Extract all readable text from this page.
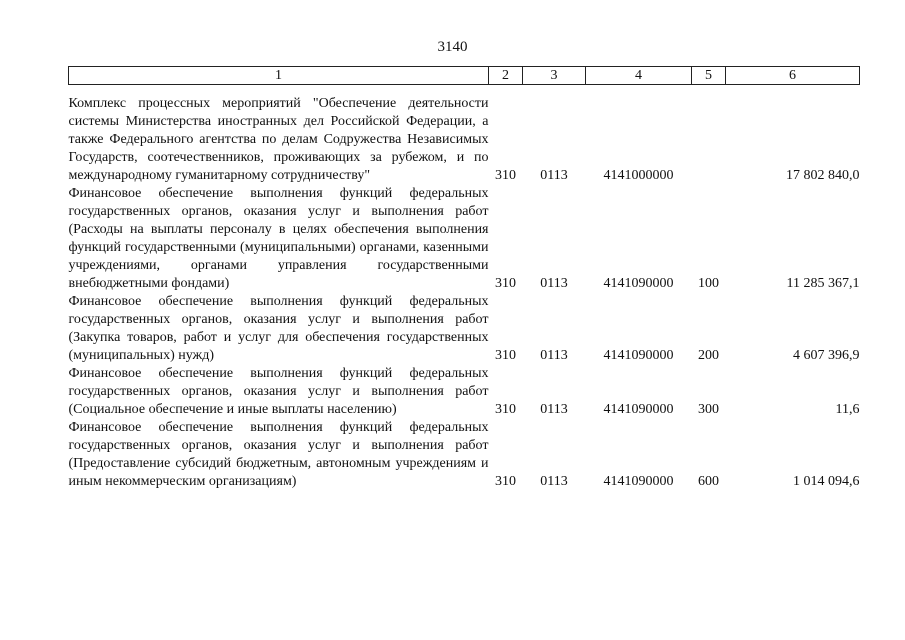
3140
1	2	3	4	5	6

Комплекс процессных мероприятий "Обеспечение деятельности системы Министерства иностранных дел Российской Федерации, а также Федерального агентства по делам Содружества Независимых Государств, соотечественников, проживающих за рубежом, и по международному гуманитарному сотрудничеству"	310	0113	4141000000		17 802 840,0
Финансовое обеспечение выполнения функций федеральных государственных органов, оказания услуг и выполнения работ (Расходы на выплаты персоналу в целях обеспечения выполнения функций государственными (муниципальными) органами, казенными учреждениями, органами управления государственными внебюджетными фондами)	310	0113	4141090000	100	11 285 367,1
Финансовое обеспечение выполнения функций федеральных государственных органов, оказания услуг и выполнения работ (Закупка товаров, работ и услуг для обеспечения государственных (муниципальных) нужд)	310	0113	4141090000	200	4 607 396,9
Финансовое обеспечение выполнения функций федеральных государственных органов, оказания услуг и выполнения работ (Социальное обеспечение и иные выплаты населению)	310	0113	4141090000	300	11,6
Финансовое обеспечение выполнения функций федеральных государственных органов, оказания услуг и выполнения работ (Предоставление субсидий бюджетным, автономным учреждениям и иным некоммерческим организациям)	310	0113	4141090000	600	1 014 094,6
